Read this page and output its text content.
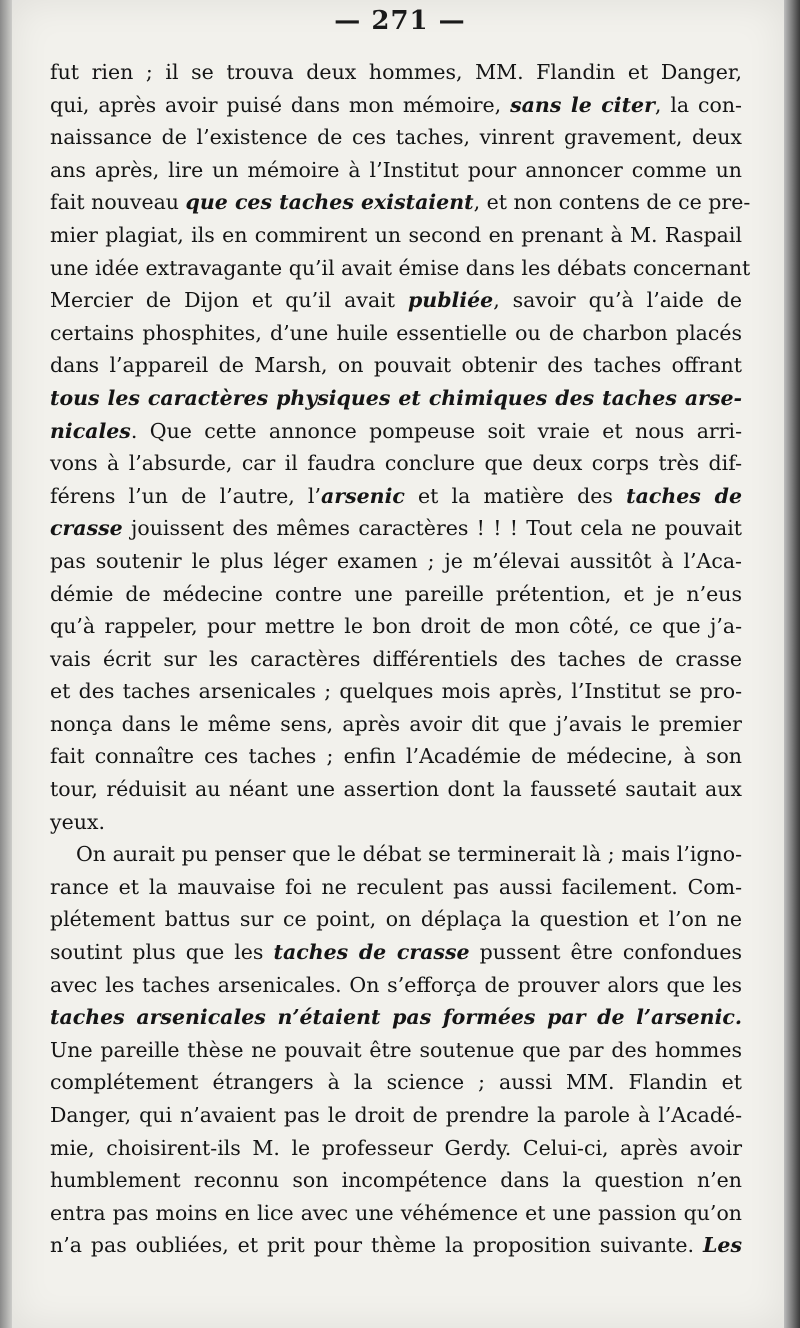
— 271 —
fut rien ; il se trouva deux hommes, MM. Flandin et Danger,
qui, après avoir puisé dans mon mémoire, sans le citer, la con-
naissance de l’existence de ces taches, vinrent gravement, deux
ans après, lire un mémoire à l’Institut pour annoncer comme un
fait nouveau que ces taches existaient, et non contens de ce pre-
mier plagiat, ils en commirent un second en prenant à M. Raspail
une idée extravagante qu’il avait émise dans les débats concernant
Mercier de Dijon et qu’il avait publiée, savoir qu’à l’aide de
certains phosphites, d’une huile essentielle ou de charbon placés
dans l’appareil de Marsh, on pouvait obtenir des taches offrant
tous les caractères physiques et chimiques des taches arse-
nicales. Que cette annonce pompeuse soit vraie et nous arri-
vons à l’absurde, car il faudra conclure que deux corps très dif-
férens l’un de l’autre, l’arsenic et la matière des taches de
crasse jouissent des mêmes caractères ! ! ! Tout cela ne pouvait
pas soutenir le plus léger examen ; je m’élevai aussitôt à l’Aca-
démie de médecine contre une pareille prétention, et je n’eus
qu’à rappeler, pour mettre le bon droit de mon côté, ce que j’a-
vais écrit sur les caractères différentiels des taches de crasse
et des taches arsenicales ; quelques mois après, l’Institut se pro-
nonça dans le même sens, après avoir dit que j’avais le premier
fait connaître ces taches ; enfin l’Académie de médecine, à son
tour, réduisit au néant une assertion dont la fausseté sautait aux
yeux.
On aurait pu penser que le débat se terminerait là ; mais l’igno-
rance et la mauvaise foi ne reculent pas aussi facilement. Com-
plétement battus sur ce point, on déplaça la question et l’on ne
soutint plus que les taches de crasse pussent être confondues
avec les taches arsenicales. On s’efforça de prouver alors que les
taches arsenicales n’étaient pas formées par de l’arsenic.
Une pareille thèse ne pouvait être soutenue que par des hommes
complétement étrangers à la science ; aussi MM. Flandin et
Danger, qui n’avaient pas le droit de prendre la parole à l’Acadé-
mie, choisirent-ils M. le professeur Gerdy. Celui-ci, après avoir
humblement reconnu son incompétence dans la question n’en
entra pas moins en lice avec une véhémence et une passion qu’on
n’a pas oubliées, et prit pour thème la proposition suivante. Les
